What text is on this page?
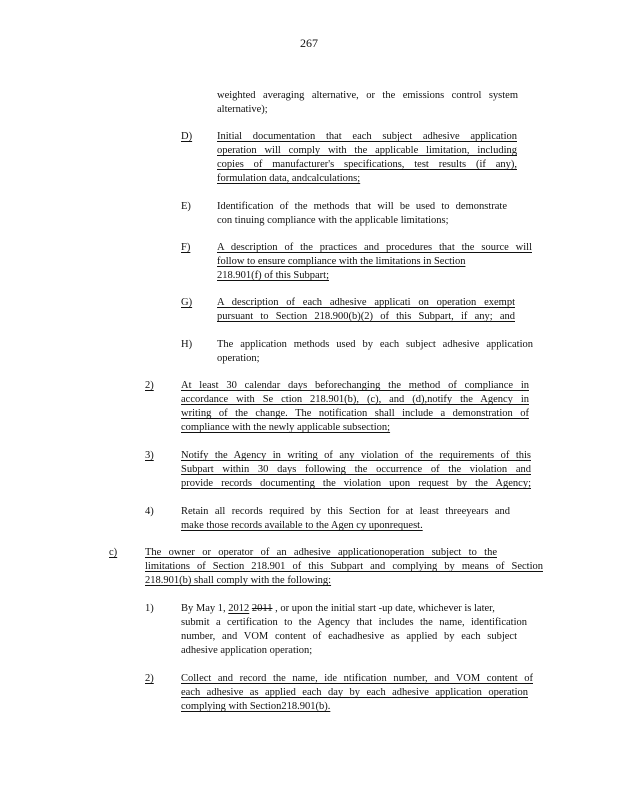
267
weighted averaging alternative, or the emissions control system
alternative);
D) Initial documentation that each subject adhesive application
operation will comply with the applicable limitation, including
copies of manufacturer's specifications, test results (if any),
formulation data, andcalculations;
E) Identification of the methods that will be used to demonstrate
con tinuing compliance with the applicable limitations;
F)	A description of the practices and procedures that the source will
follow to ensure compliance with the limitations in Section
218.901(f) of this Subpart;
G) A description of each adhesive applicati on operation exempt
pursuant to Section 218.900(b)(2) of this Subpart, if any; and
H) The application methods used by each subject adhesive application
operation;
2)	At least 30 calendar days beforechanging the method of compliance in
accordance with Se ction 218.901(b), (c), and (d),notify the Agency in
writing of the change. The notification shall include a demonstration of
compliance with the newly applicable subsection;
3)	Notify the Agency in writing of any violation of the requirements of this
Subpart within 30 days following the occurrence of the violation and
provide records documenting the violation upon request by the Agency;
4)	Retain all records required by this Section for at least threeyears and
make those records available to the Agen cy uponrequest.
c)	The owner or operator of an adhesive applicationoperation subject to the
limitations of Section 218.901 of this Subpart and complying by means of Section
218.901(b) shall comply with the following:
1)	By May 1, 2012 2011 , or upon the initial start -up date, whichever is later,
submit a certification to the Agency that includes the name, identification
number, and VOM content of eachadhesive as applied by each subject
adhesive application operation;
2)	Collect and record the name, ide ntification number, and VOM content of
each adhesive as applied each day by each adhesive application operation
complying with Section218.901(b).
